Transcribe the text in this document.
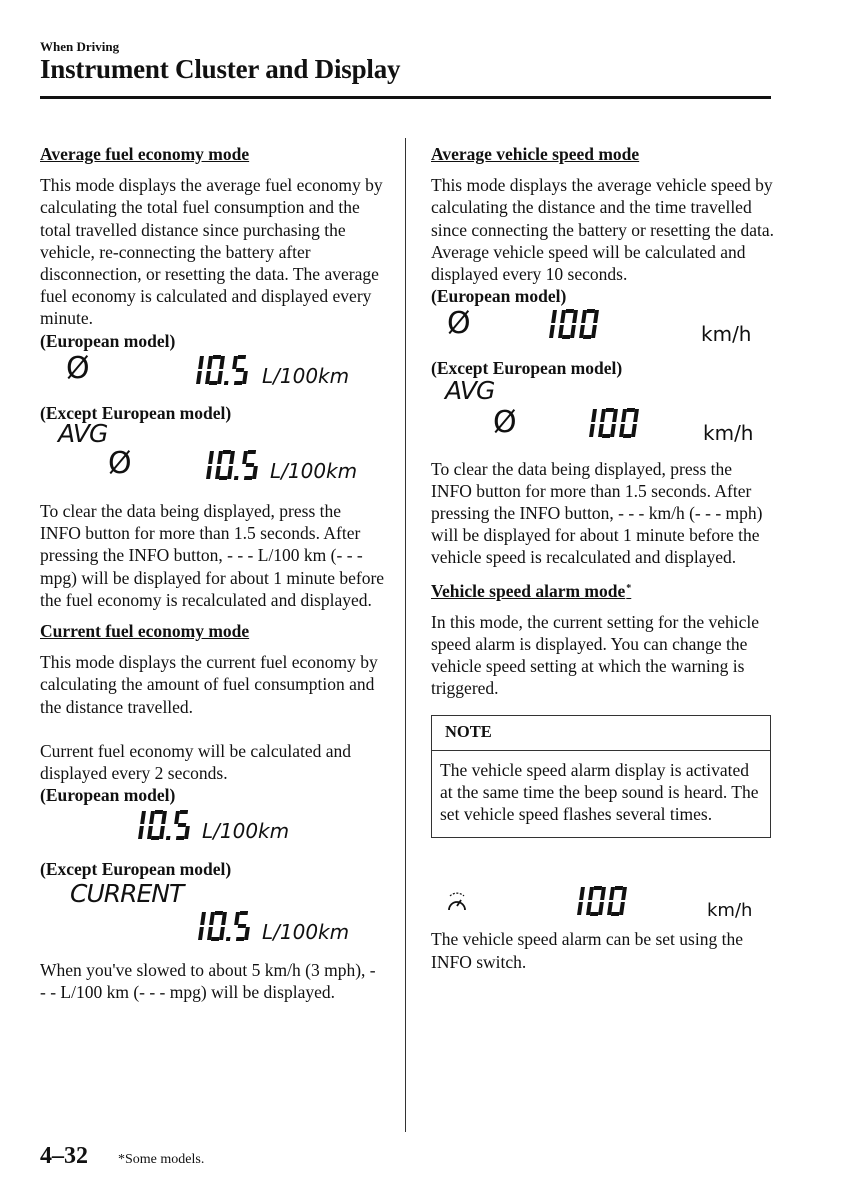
When Driving
Instrument Cluster and Display

Average fuel economy mode

This mode displays the average fuel economy by calculating the total fuel consumption and the total travelled distance since purchasing the vehicle, re-connecting the battery after disconnection, or resetting the data. The average fuel economy is calculated and displayed every minute.

(European model)

Ø	L/100km

(Except European model)

AVG
Ø	L/100km

To clear the data being displayed, press the INFO button for more than 1.5 seconds. After pressing the INFO button, - - - L/100 km (- - - mpg) will be displayed for about 1 minute before the fuel economy is recalculated and displayed.

Current fuel economy mode

This mode displays the current fuel economy by calculating the amount of fuel consumption and the distance travelled.

Current fuel economy will be calculated and displayed every 2 seconds.

(European model)

L/100km

(Except European model)

CURRENT
L/100km

When you've slowed to about 5 km/h (3 mph), - - - L/100 km (- - - mpg) will be displayed.

Average vehicle speed mode

This mode displays the average vehicle speed by calculating the distance and the time travelled since connecting the battery or resetting the data.

Average vehicle speed will be calculated and displayed every 10 seconds.

(European model)

Ø	km/h

(Except European model)

AVG
Ø	km/h

To clear the data being displayed, press the INFO button for more than 1.5 seconds. After pressing the INFO button, - - - km/h (- - - mph) will be displayed for about 1 minute before the vehicle speed is recalculated and displayed.

Vehicle speed alarm mode*

In this mode, the current setting for the vehicle speed alarm is displayed. You can change the vehicle speed setting at which the warning is triggered.

NOTE
The vehicle speed alarm display is activated at the same time the beep sound is heard. The set vehicle speed flashes several times.
km/h

The vehicle speed alarm can be set using the INFO switch.

4–32 *Some models.
